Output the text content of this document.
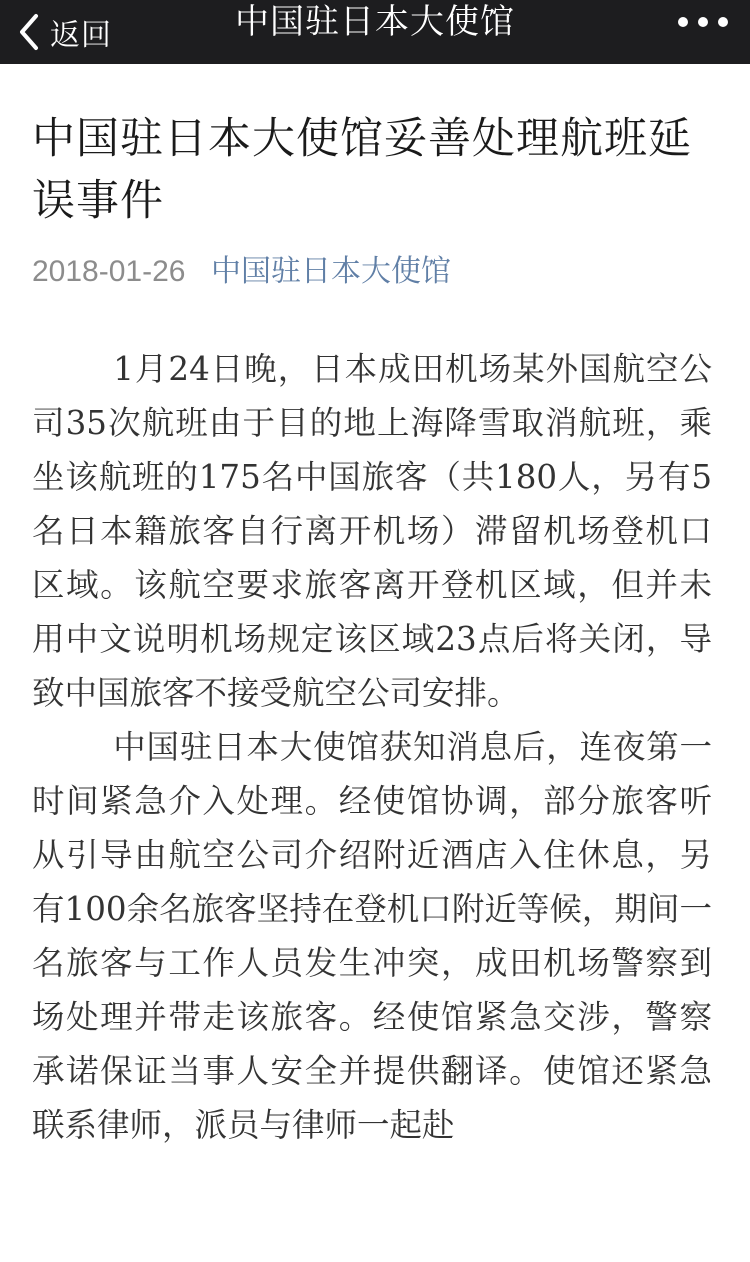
返回	中国驻日本大使馆
中国驻日本大使馆妥善处理航班延误事件
2018-01-26 中国驻日本大使馆

1月24日晚，日本成田机场某外国航空公司35次航班由于目的地上海降雪取消航班，乘坐该航班的175名中国旅客（共180人，另有5名日本籍旅客自行离开机场）滞留机场登机口区域。该航空要求旅客离开登机区域，但并未用中文说明机场规定该区域23点后将关闭，导致中国旅客不接受航空公司安排。

中国驻日本大使馆获知消息后，连夜第一时间紧急介入处理。经使馆协调，部分旅客听从引导由航空公司介绍附近酒店入住休息，另有100余名旅客坚持在登机口附近等候，期间一名旅客与工作人员发生冲突，成田机场警察到场处理并带走该旅客。经使馆紧急交涉，警察承诺保证当事人安全并提供翻译。使馆还紧急联系律师，派员与律师一起赴
